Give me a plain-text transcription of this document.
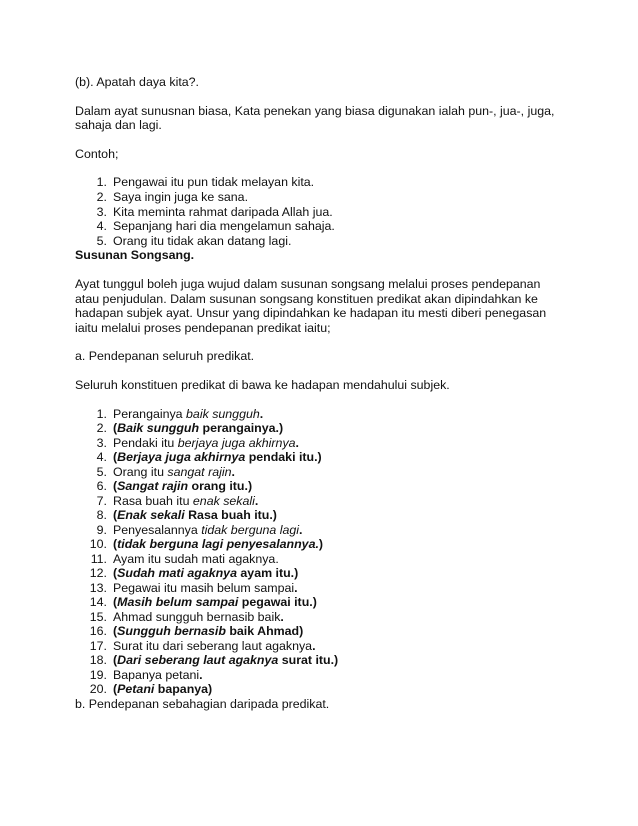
(b). Apatah daya kita?.

Dalam ayat sunusnan biasa, Kata penekan yang biasa digunakan ialah pun-, jua-, juga, sahaja dan lagi.

Contoh;

1. Pengawai itu pun tidak melayan kita.
2. Saya ingin juga ke sana.
3. Kita meminta rahmat daripada Allah jua.
4. Sepanjang hari dia mengelamun sahaja.
5. Orang itu tidak akan datang lagi.

Susunan Songsang.

Ayat tunggul boleh juga wujud dalam susunan songsang melalui proses pendepanan atau penjudulan. Dalam susunan songsang konstituen predikat akan dipindahkan ke hadapan subjek ayat. Unsur yang dipindahkan ke hadapan itu mesti diberi penegasan iaitu melalui proses pendepanan predikat iaitu;

a. Pendepanan seluruh predikat.

Seluruh konstituen predikat di bawa ke hadapan mendahului subjek.

1. Perangainya baik sungguh.
2. (Baik sungguh perangainya.)
3. Pendaki itu berjaya juga akhirnya.
4. (Berjaya juga akhirnya pendaki itu.)
5. Orang itu sangat rajin.
6. (Sangat rajin orang itu.)
7. Rasa buah itu enak sekali.
8. (Enak sekali Rasa buah itu.)
9. Penyesalannya tidak berguna lagi.
10. (tidak berguna lagi penyesalannya.)
11. Ayam itu sudah mati agaknya.
12. (Sudah mati agaknya ayam itu.)
13. Pegawai itu masih belum sampai.
14. (Masih belum sampai pegawai itu.)
15. Ahmad sungguh bernasib baik.
16. (Sungguh bernasib baik Ahmad)
17. Surat itu dari seberang laut agaknya.
18. (Dari seberang laut agaknya surat itu.)
19. Bapanya petani.
20. (Petani bapanya)

b. Pendepanan sebahagian daripada predikat.
